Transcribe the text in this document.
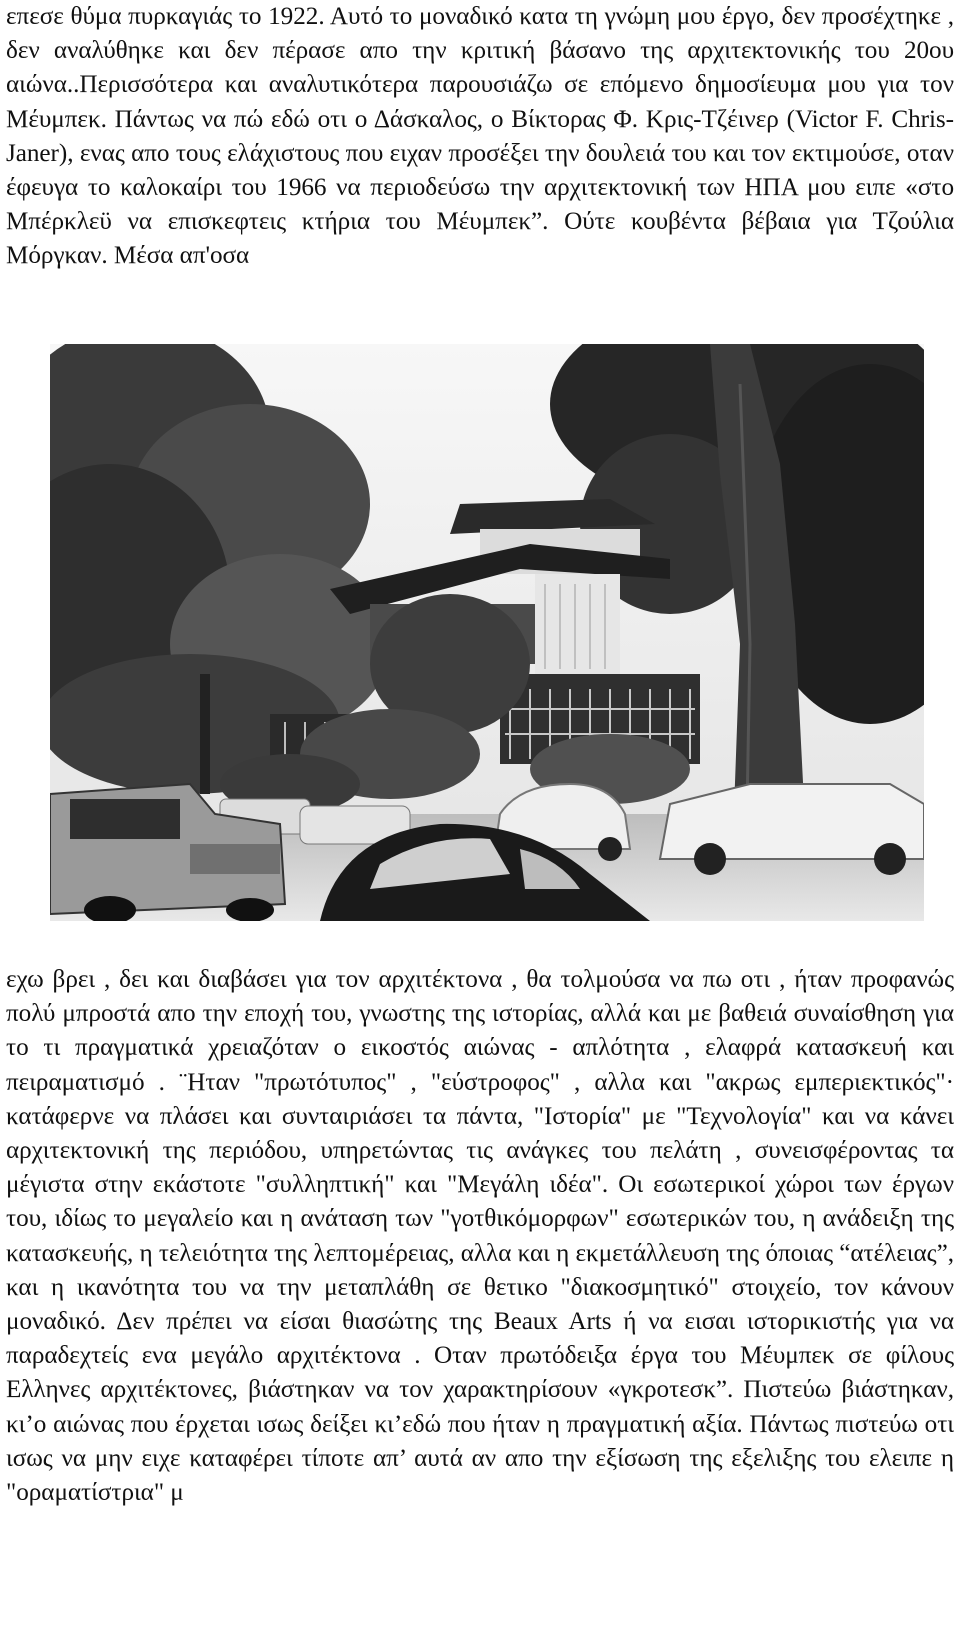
επεσε θύμα πυρκαγιάς το 1922. Αυτό το μοναδικό κατα τη γνώμη μου έργο, δεν προσέχτηκε , δεν αναλύθηκε και δεν πέρασε απο την κριτική βάσανο της αρχιτεκτονικής του 20ου αιώνα..Περισσότερα και αναλυτικότερα παρουσιάζω σε επόμενο δημοσίευμα μου για τον Μέυμπεκ. Πάντως να πώ εδώ οτι ο Δάσκαλος, ο Βίκτορας Φ. Κρις-Τζέινερ (Victor F. Chris-Janer), ενας απο τους ελάχιστους που ειχαν προσέξει την δουλειά του και τον εκτιμούσε, οταν έφευγα το καλοκαίρι του 1966 να περιοδεύσω την αρχιτεκτονική των ΗΠΑ μου ειπε «στο Μπέρκλεϋ να επισκεφτεις κτήρια του Μέυμπεκ”. Ούτε κουβέντα βέβαια για Τζούλια Μόργκαν. Μέσα απ'οσα

εχω βρει , δει και διαβάσει για τον αρχιτέκτονα , θα τολμούσα να πω οτι , ήταν προφανώς πολύ μπροστά απο την εποχή του, γνωστης της ιστορίας, αλλά και με βαθειά συναίσθηση για το τι πραγματικά χρειαζόταν ο εικοστός αιώνας - απλότητα , ελαφρά κατασκευή και πειραματισμό . ¨Ηταν "πρωτότυπος" , "εύστροφος" , αλλα και "ακρως εμπεριεκτικός"· κατάφερνε να πλάσει και συνταιριάσει τα πάντα, "Ιστορία" με "Τεχνολογία" και να κάνει αρχιτεκτονική της περιόδου, υπηρετώντας τις ανάγκες του πελάτη , συνεισφέροντας τα μέγιστα στην εκάστοτε "συλληπτική" και "Μεγάλη ιδέα". Οι εσωτερικοί χώροι των έργων του, ιδίως το μεγαλείο και η ανάταση των "γοτθικόμορφων" εσωτερικών του, η ανάδειξη της κατασκευής, η τελειότητα της λεπτομέρειας, αλλα και η εκμετάλλευση της όποιας “ατέλειας”, και η ικανότητα του να την μεταπλάθη σε θετικο "διακοσμητικό" στοιχείο, τον κάνουν μοναδικό. Δεν πρέπει να είσαι θιασώτης της Beaux Arts ή να εισαι ιστορικιστής για να παραδεχτείς ενα μεγάλο αρχιτέκτονα . Οταν πρωτόδειξα έργα του Μέυμπεκ σε φίλους Ελληνες αρχιτέκτονες, βιάστηκαν να τον χαρακτηρίσουν «γκροτεσκ”. Πιστεύω βιάστηκαν, κι’ο αιώνας που έρχεται ισως δείξει κι’εδώ που ήταν η πραγματική αξία. Πάντως πιστεύω οτι ισως να μην ειχε καταφέρει τίποτε απ’ αυτά αν απο την εξίσωση της εξελιξης του ελειπε η "οραματίστρια" μ
